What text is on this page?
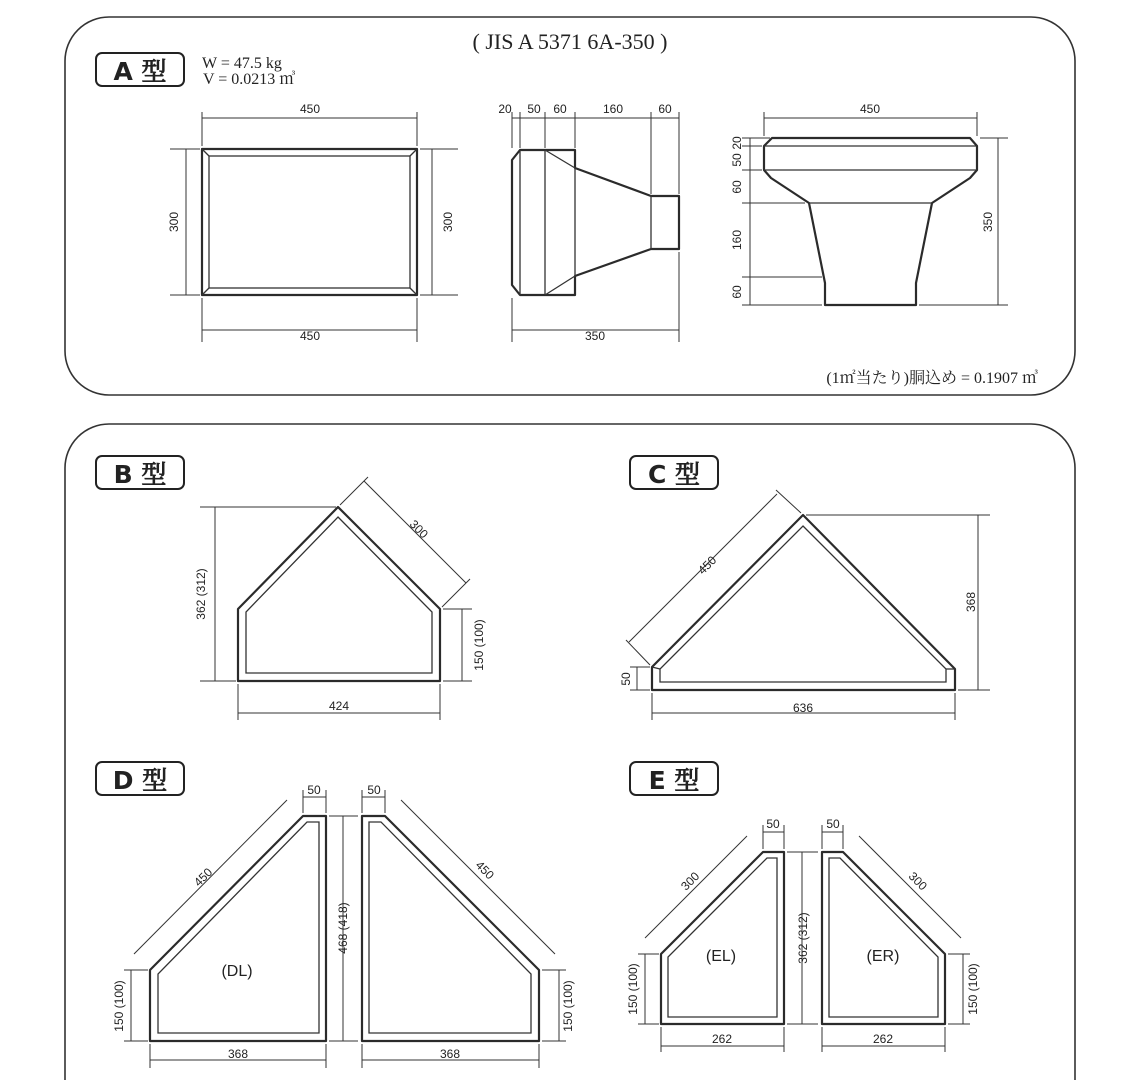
( JIS A 5371 6A-350 )
A 型 W = 47.5 kg
V = 0.0213 ㎥
450
450
300	300
20 50 60	160	60
350
450
20
50
60
160
60
350
(1㎡当たり)胴込め = 0.1907 ㎥
B 型
362 (312)
300
150 (100)
424
C 型
450
368
50
636
D 型
(DL)
50
450
150 (100)
368
468 (418)
50
450
150 (100)
368
E 型
(EL)
50
300
150 (100)
262
362 (312)	(ER)
50
300
150 (100)
262
